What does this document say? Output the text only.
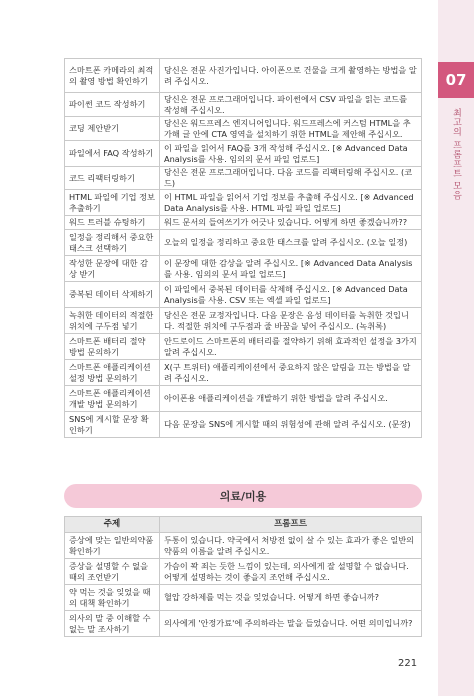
07
최고의 프롬프트 모음
스마트폰 카메라의 최적의 촬영 방법 확인하기	당신은 전문 사진가입니다. 아이폰으로 건물을 크게 촬영하는 방법을 알려 주십시오.
파이썬 코드 작성하기	당신은 전문 프로그래머입니다. 파이썬에서 CSV 파일을 읽는 코드를 작성해 주십시오.
코딩 제안받기	당신은 워드프레스 엔지니어입니다. 워드프레스에 커스텀 HTML을 추가해 글 안에 CTA 영역을 설치하기 위한 HTML을 제안해 주십시오.
파일에서 FAQ 작성하기	이 파일을 읽어서 FAQ를 3개 작성해 주십시오. [※ Advanced Data Analysis를 사용. 임의의 문서 파일 업로드]
코드 리팩터링하기	당신은 전문 프로그래머입니다. 다음 코드를 리팩터링해 주십시오. (코드)
HTML 파일에 기업 정보 추출하기	이 HTML 파일을 읽어서 기업 정보를 추출해 주십시오. [※ Advanced Data Analysis를 사용. HTML 파일 파일 업로드]
워드 트러블 슈팅하기	워드 문서의 들여쓰기가 어긋나 있습니다. 어떻게 하면 좋겠습니까??
일정을 정리해서 중요한 태스크 선택하기	오늘의 일정을 정리하고 중요한 태스크를 알려 주십시오. (오늘 일정)
작성한 문장에 대한 감상 받기	이 문장에 대한 감상을 알려 주십시오. [※ Advanced Data Analysis를 사용. 임의의 문서 파일 업로드]
중복된 데이터 삭제하기	이 파일에서 중복된 데이터를 삭제해 주십시오. [※ Advanced Data Analysis를 사용. CSV 또는 엑셀 파일 업로드]
녹취한 데이터의 적절한 위치에 구두점 넣기	당신은 전문 교정자입니다. 다음 문장은 음성 데이터를 녹취한 것입니다. 적절한 위치에 구두점과 줄 바꿈을 넣어 주십시오. (녹취록)
스마트폰 배터리 절약 방법 문의하기	안드로이드 스마트폰의 배터리를 절약하기 위해 효과적인 설정을 3가지 알려 주십시오.
스마트폰 애플리케이션 설정 방법 문의하기	X(구 트위터) 애플리케이션에서 중요하지 않은 알림을 끄는 방법을 알려 주십시오.
스마트폰 애플리케이션 개발 방법 문의하기	아이폰용 애플리케이션을 개발하기 위한 방법을 알려 주십시오.
SNS에 게시할 문장 확인하기	다음 문장을 SNS에 게시할 때의 위험성에 관해 알려 주십시오. (문장)
의료/미용
주제	프롬프트
증상에 맞는 일반의약품 확인하기	두통이 있습니다. 약국에서 처방전 없이 살 수 있는 효과가 좋은 일반의약품의 이름을 알려 주십시오.
증상을 설명할 수 없을 때의 조언받기	가슴이 꽉 죄는 듯한 느낌이 있는데, 의사에게 잘 설명할 수 없습니다. 어떻게 설명하는 것이 좋을지 조언해 주십시오.
약 먹는 것을 잊었을 때의 대책 확인하기	혈압 강하제를 먹는 것을 잊었습니다. 어떻게 하면 좋습니까?
의사의 말 중 이해할 수 없는 말 조사하기	의사에게 '안정가료'에 주의하라는 말을 들었습니다. 어떤 의미입니까?
221
